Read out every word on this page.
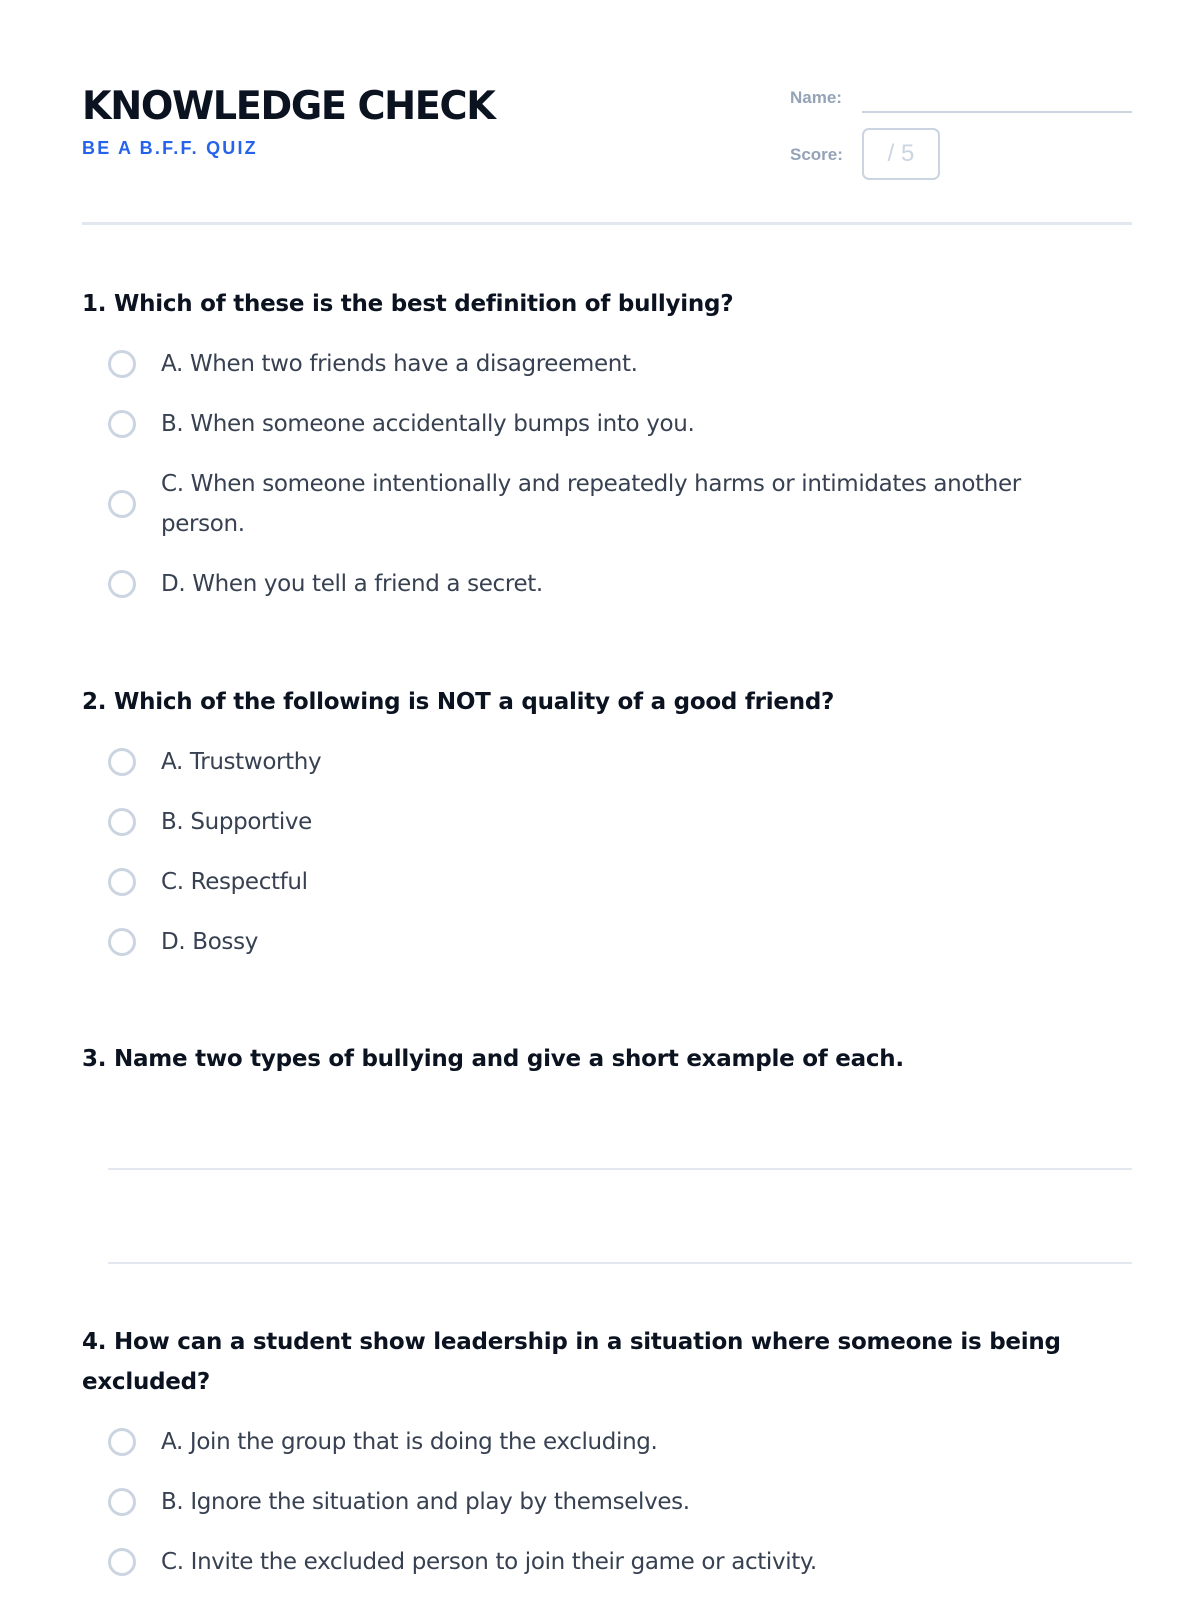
KNOWLEDGE CHECK
BE A B.F.F. QUIZ
Name:
Score: / 5

1. Which of these is the best definition of bullying?

A. When two friends have a disagreement.
B. When someone accidentally bumps into you.
C. When someone intentionally and repeatedly harms or intimidates another person.
D. When you tell a friend a secret.

2. Which of the following is NOT a quality of a good friend?

A. Trustworthy
B. Supportive
C. Respectful
D. Bossy

3. Name two types of bullying and give a short example of each.

4. How can a student show leadership in a situation where someone is being excluded?

A. Join the group that is doing the excluding.
B. Ignore the situation and play by themselves.
C. Invite the excluded person to join their game or activity.
